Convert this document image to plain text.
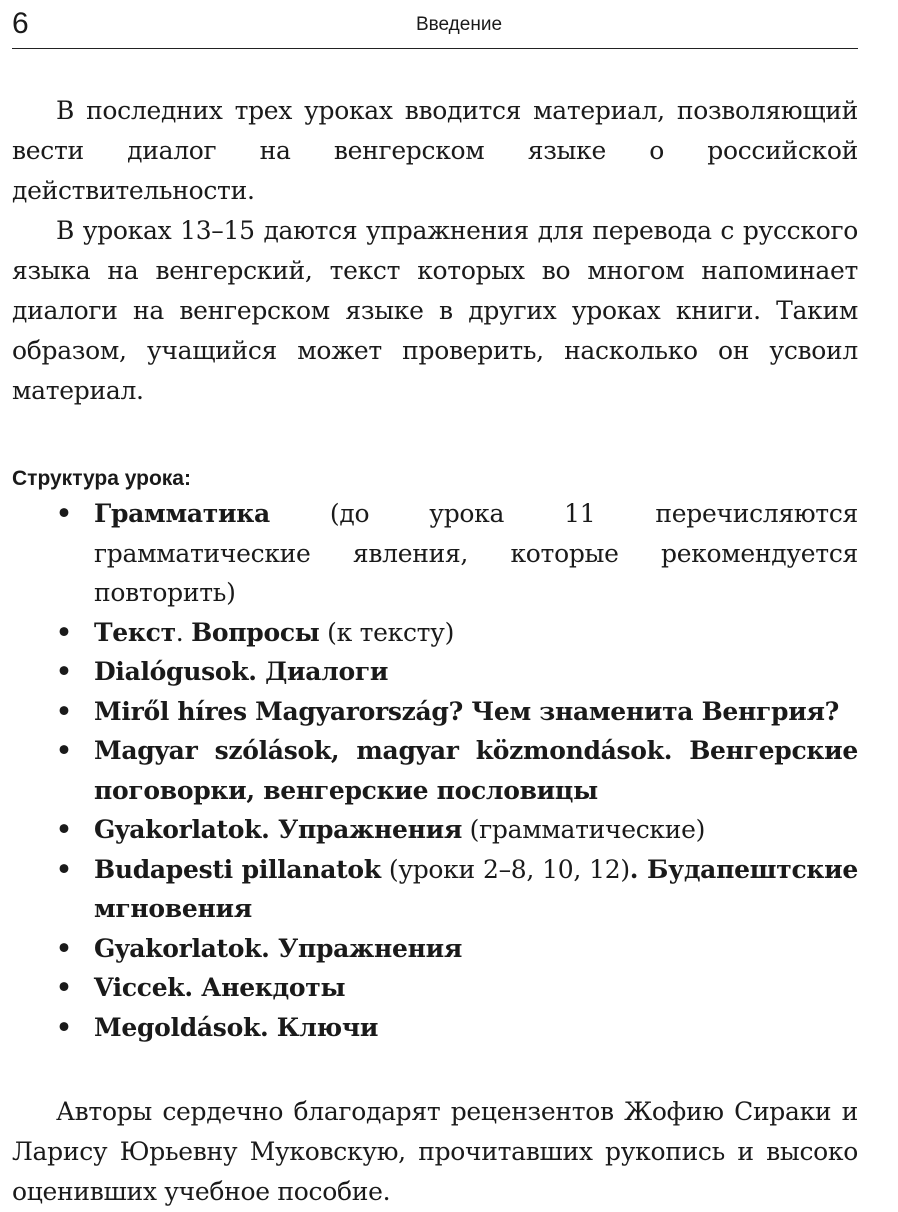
6	Введение

В последних трех уроках вводится материал, позволяющий вести диалог на венгерском языке о российской действительности.

В уроках 13–15 даются упражнения для перевода с русского языка на венгерский, текст которых во многом напоминает диалоги на венгерском языке в других уроках книги. Таким образом, учащийся может проверить, насколько он усвоил материал.

Структура урока:
• Грамматика (до урока 11 перечисляются грамматические явления, которые рекомендуется повторить)
• Текст. Вопросы (к тексту)
• Dialógusok. Диалоги
• Miről híres Magyarország? Чем знаменита Венгрия?
• Magyar szólások, magyar közmondások. Венгерские поговорки, венгерские пословицы
• Gyakorlatok. Упражнения (грамматические)
• Budapesti pillanatok (уроки 2–8, 10, 12). Будапештские мгновения
• Gyakorlatok. Упражнения
• Viccek. Анекдоты
• Megoldások. Ключи

Авторы сердечно благодарят рецензентов Жофию Сираки и Ларису Юрьевну Муковскую, прочитавших рукопись и высоко оценивших учебное пособие.
